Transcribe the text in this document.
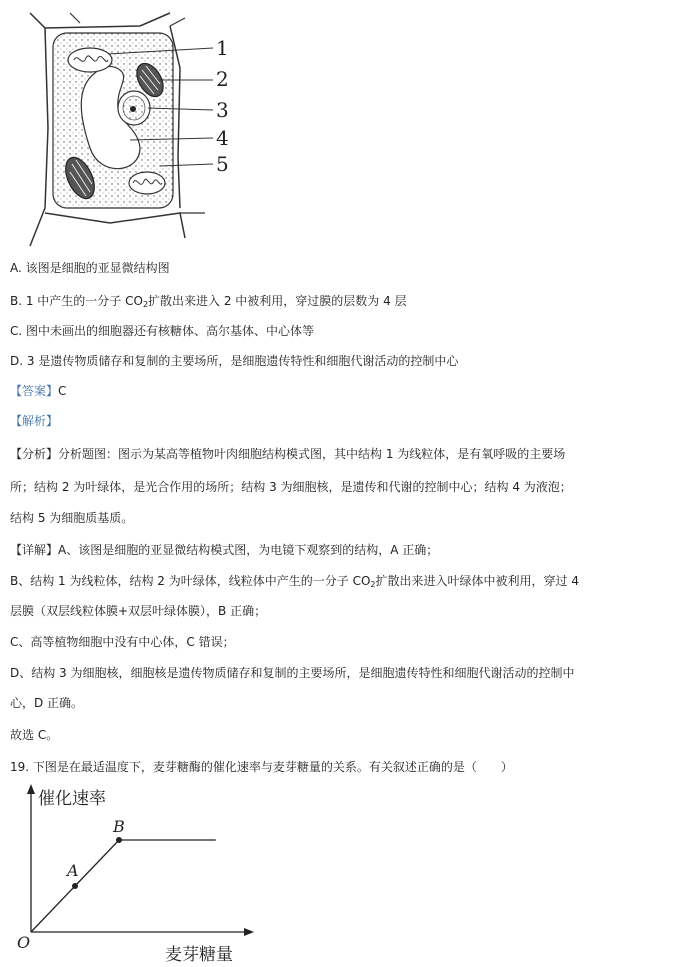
1
2
3
4
5
A. 该图是细胞的亚显微结构图
B. 1 中产生的一分子 $CO_2$扩散出来进入 2 中被利用，穿过膜的层数为 4 层
C. 图中未画出的细胞器还有核糖体、高尔基体、中心体等
D. 3 是遗传物质储存和复制的主要场所，是细胞遗传特性和细胞代谢活动的控制中心
【答案】C
【解析】
【分析】分析题图：图示为某高等植物叶肉细胞结构模式图，其中结构 1 为线粒体，是有氧呼吸的主要场
所；结构 2 为叶绿体，是光合作用的场所；结构 3 为细胞核，是遗传和代谢的控制中心；结构 4 为液泡；
结构 5 为细胞质基质。
【详解】A、该图是细胞的亚显微结构模式图，为电镜下观察到的结构，A 正确；
B、结构 1 为线粒体，结构 2 为叶绿体，线粒体中产生的一分子 $CO_2$扩散出来进入叶绿体中被利用，穿过 4
层膜（双层线粒体膜+双层叶绿体膜），B 正确；
C、高等植物细胞中没有中心体，C 错误；
D、结构 3 为细胞核，细胞核是遗传物质储存和复制的主要场所，是细胞遗传特性和细胞代谢活动的控制中
心，D 正确。
故选 C。
19. 下图是在最适温度下，麦芽糖酶的催化速率与麦芽糖量的关系。有关叙述正确的是（　　）
A
B
O
催化速率
麦芽糖量
